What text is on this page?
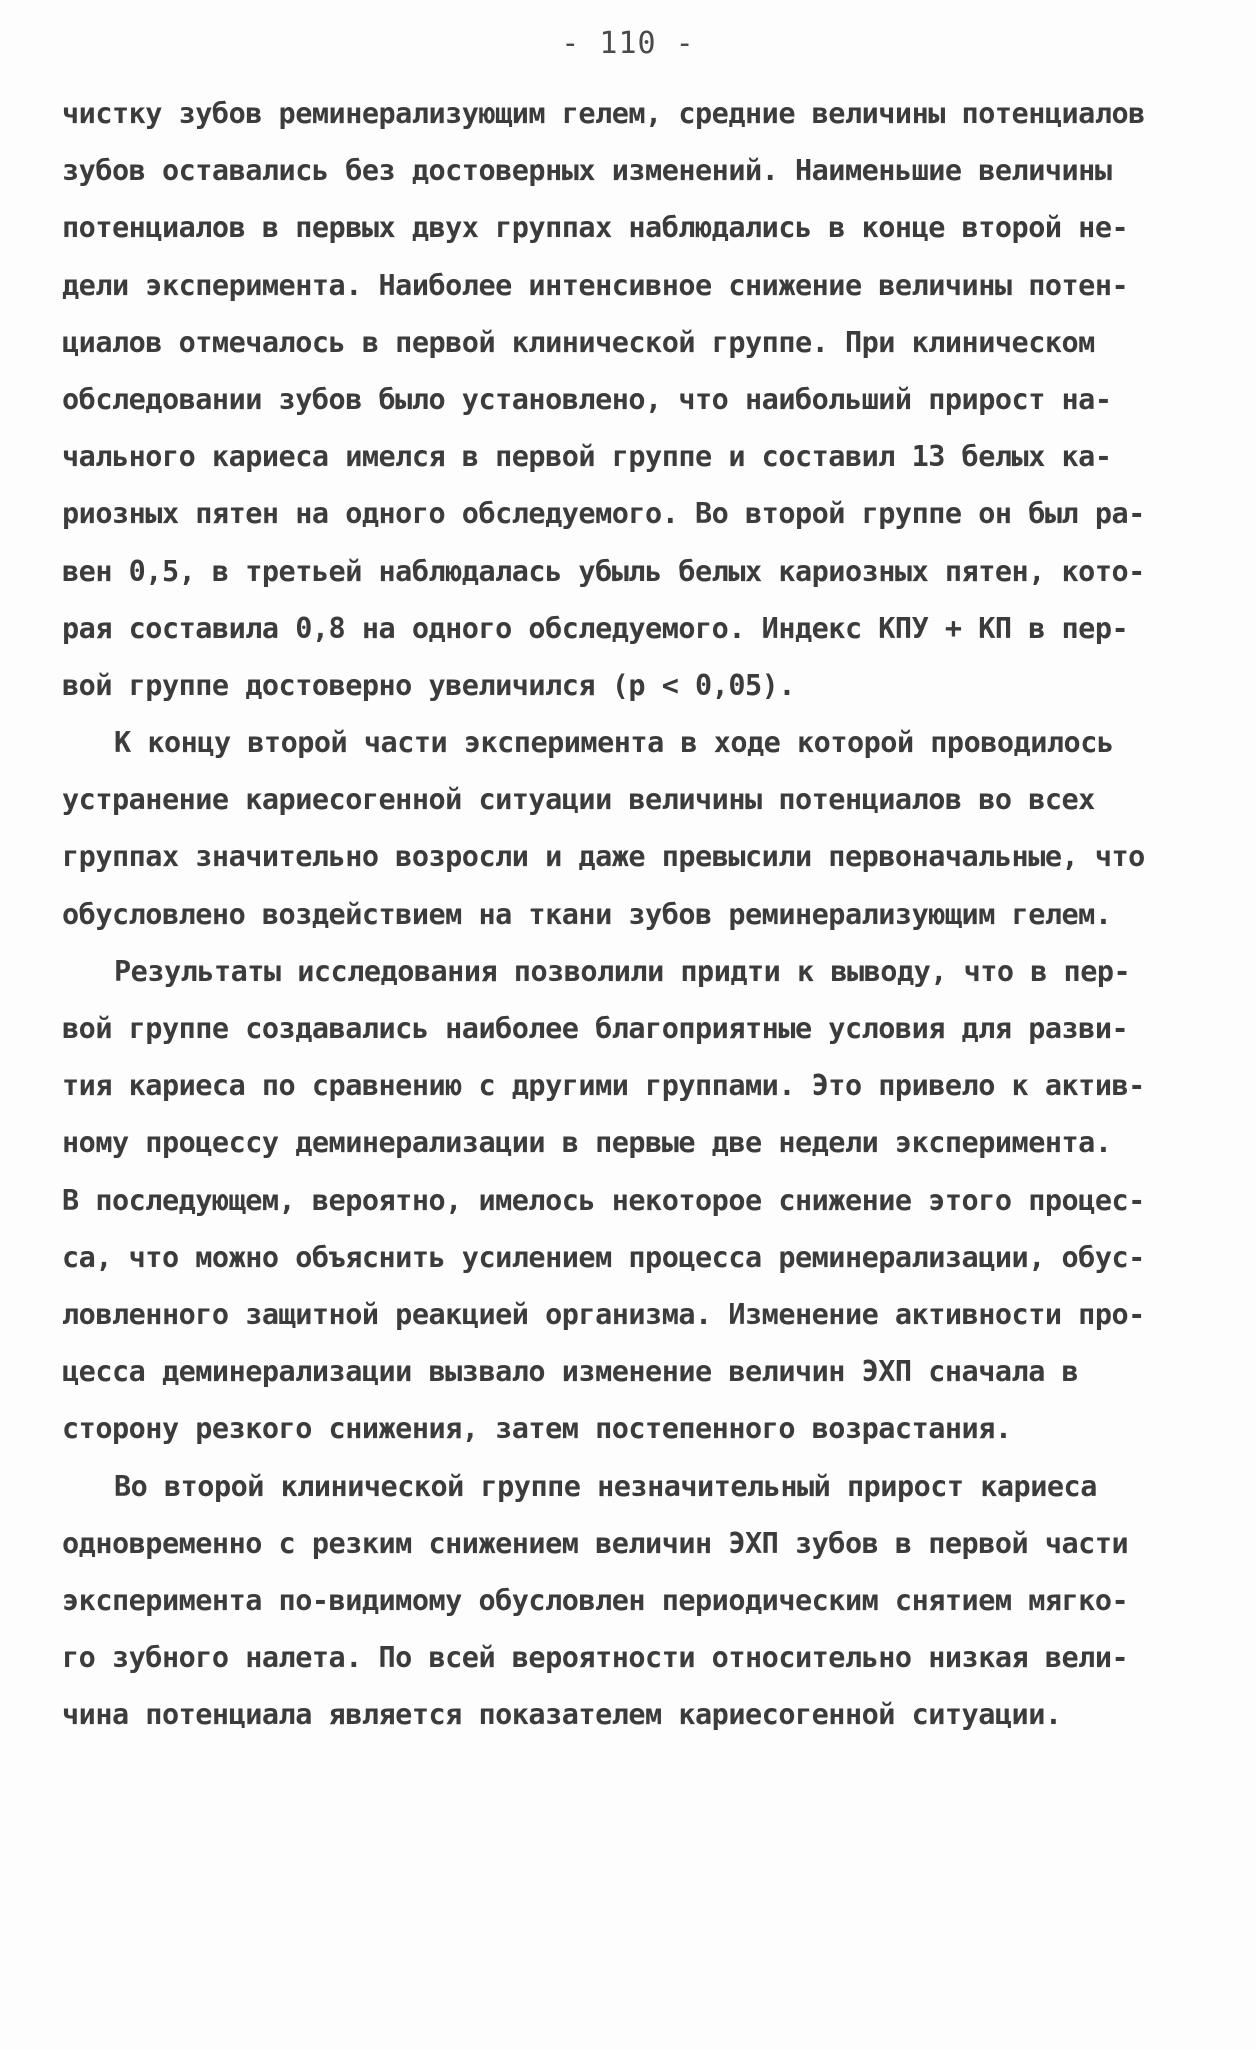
- 110 -
чистку зубов реминерализующим гелем, средние величины потенциалов
зубов оставались без достоверных изменений. Наименьшие величины
потенциалов в первых двух группах наблюдались в конце второй не-
дели эксперимента. Наиболее интенсивное снижение величины потен-
циалов отмечалось в первой клинической группе. При клиническом
обследовании зубов было установлено, что наибольший прирост на-
чального кариеса имелся в первой группе и составил 13 белых ка-
риозных пятен на одного обследуемого. Во второй группе он был ра-
вен 0,5, в третьей наблюдалась убыль белых кариозных пятен, кото-
рая составила 0,8 на одного обследуемого. Индекс КПУ + КП в пер-
вой группе достоверно увеличился (р < 0,05).
К концу второй части эксперимента в ходе которой проводилось
устранение кариесогенной ситуации величины потенциалов во всех
группах значительно возросли и даже превысили первоначальные, что
обусловлено воздействием на ткани зубов реминерализующим гелем.
Результаты исследования позволили придти к выводу, что в пер-
вой группе создавались наиболее благоприятные условия для разви-
тия кариеса по сравнению с другими группами. Это привело к актив-
ному процессу деминерализации в первые две недели эксперимента.
В последующем, вероятно, имелось некоторое снижение этого процес-
са, что можно объяснить усилением процесса реминерализации, обус-
ловленного защитной реакцией организма. Изменение активности про-
цесса деминерализации вызвало изменение величин ЭХП сначала в
сторону резкого снижения, затем постепенного возрастания.
Во второй клинической группе незначительный прирост кариеса
одновременно с резким снижением величин ЭХП зубов в первой части
эксперимента по-видимому обусловлен периодическим снятием мягко-
го зубного налета. По всей вероятности относительно низкая вели-
чина потенциала является показателем кариесогенной ситуации.
